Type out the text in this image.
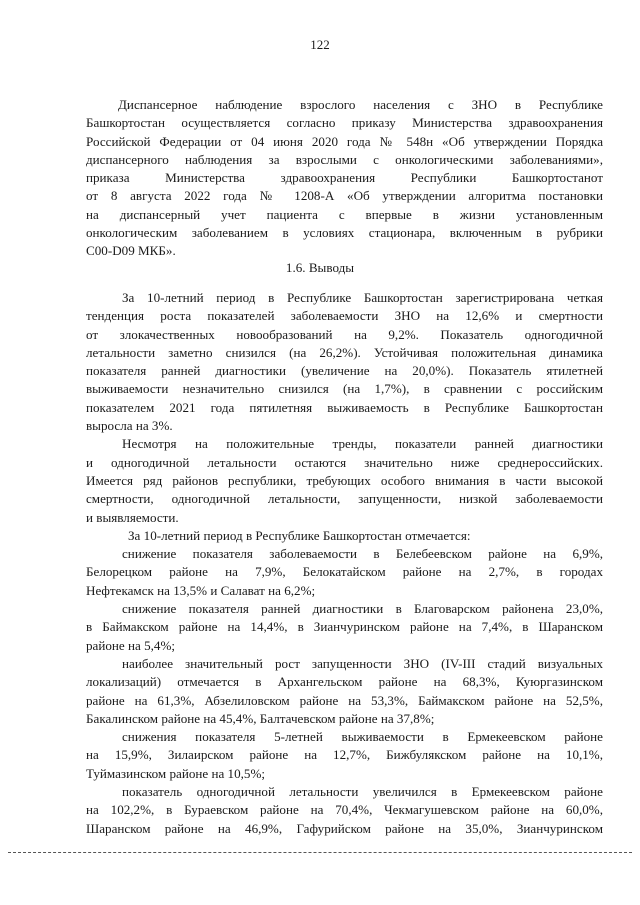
122

Диспансерное наблюдение взрослого населения с ЗНО в Республике

Башкортостан осуществляется согласно приказу Министерства здравоохранения

Российской Федерации от 04 июня 2020 года № 548н «Об утверждении Порядка

диспансерного наблюдения за взрослыми с онкологическими заболеваниями»,

приказа Министерства здравоохранения Республики Башкортостанот

от 8 августа 2022 года № 1208-А «Об утверждении алгоритма постановки

на диспансерный учет пациента с впервые в жизни установленным

онкологическим заболеванием в условиях стационара, включенным в рубрики

С00-D09 МКБ».

1.6. Выводы

За 10-летний период в Республике Башкортостан зарегистрирована четкая

тенденция роста показателей заболеваемости ЗНО на 12,6% и смертности

от злокачественных новообразований на 9,2%. Показатель одногодичной

летальности заметно снизился (на 26,2%). Устойчивая положительная динамика

показателя ранней диагностики (увеличение на 20,0%). Показатель ятилетней

выживаемости незначительно снизился (на 1,7%), в сравнении с российским

показателем 2021 года пятилетняя выживаемость в Республике Башкортостан

выросла на 3%.

Несмотря на положительные тренды, показатели ранней диагностики

и одногодичной летальности остаются значительно ниже среднероссийских.

Имеется ряд районов республики, требующих особого внимания в части высокой

смертности, одногодичной летальности, запущенности, низкой заболеваемости

и выявляемости.

За 10-летний период в Республике Башкортостан отмечается:

снижение показателя заболеваемости в Белебеевском районе на 6,9%,

Белорецком районе на 7,9%, Белокатайском районе на 2,7%, в городах

Нефтекамск на 13,5% и Салават на 6,2%;

снижение показателя ранней диагностики в Благоварском районена 23,0%,

в Баймакском районе на 14,4%, в Зианчуринском районе на 7,4%, в Шаранском

районе на 5,4%;

наиболее значительный рост запущенности ЗНО (IV-III стадий визуальных

локализаций) отмечается в Архангельском районе на 68,3%, Куюргазинском

районе на 61,3%, Абзелиловском районе на 53,3%, Баймакском районе на 52,5%,

Бакалинском районе на 45,4%, Балтачевском районе на 37,8%;

снижения показателя 5-летней выживаемости в Ермекеевском районе

на 15,9%, Зилаирском районе на 12,7%, Бижбулякском районе на 10,1%,

Туймазинском районе на 10,5%;

показатель одногодичной летальности увеличился в Ермекеевском районе

на 102,2%, в Бураевском районе на 70,4%, Чекмагушевском районе на 60,0%,

Шаранском районе на 46,9%, Гафурийском районе на 35,0%, Зианчуринском
